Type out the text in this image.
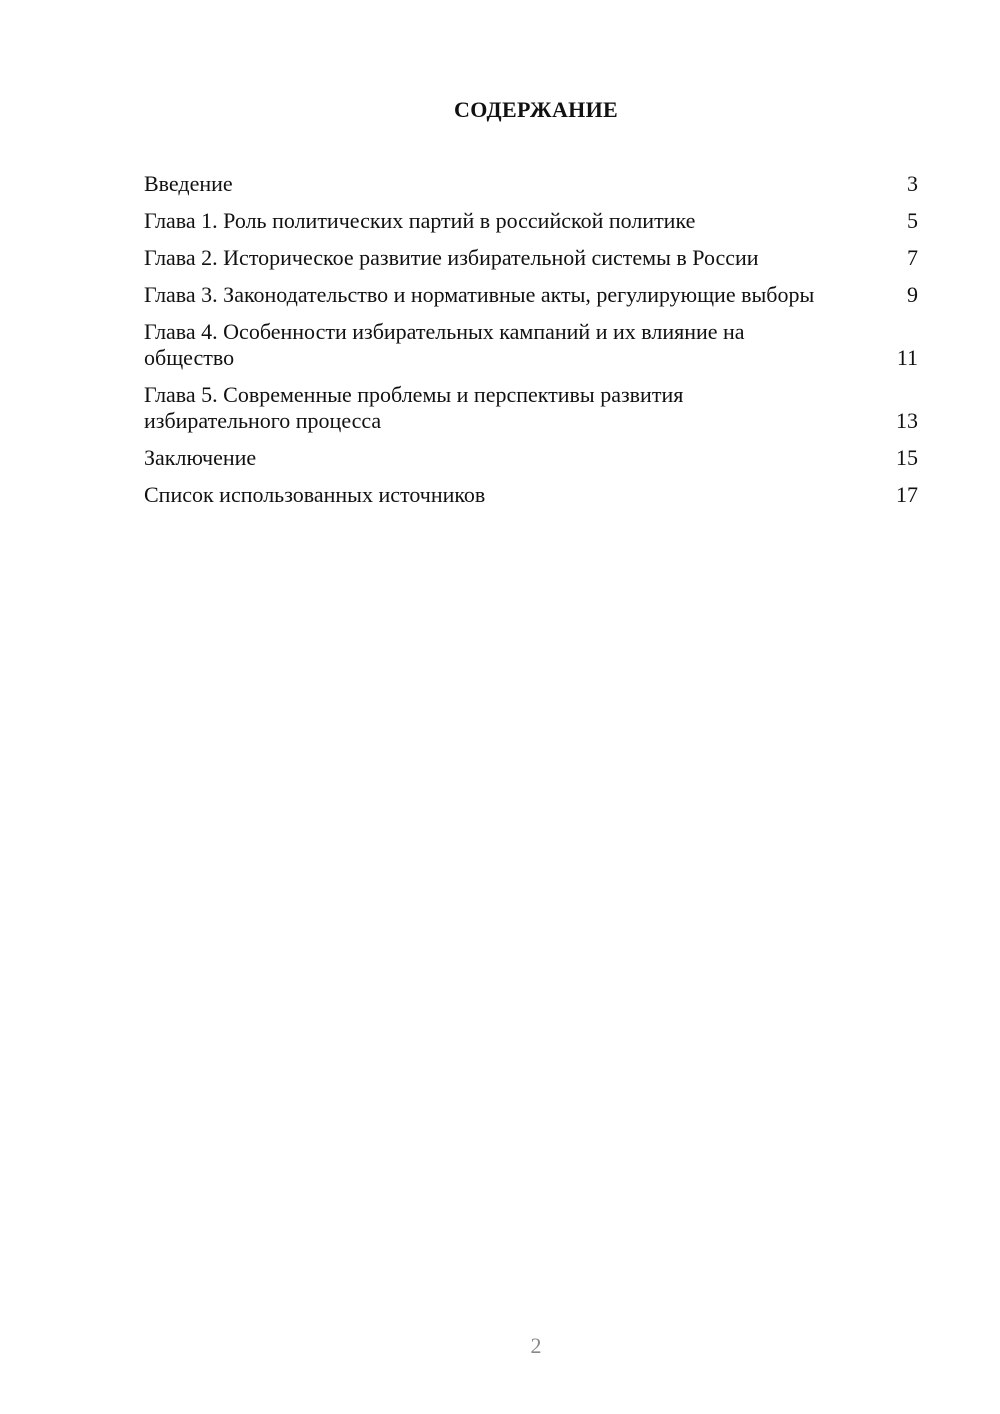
СОДЕРЖАНИЕ
Введение	3
Глава 1. Роль политических партий в российской политике	5
Глава 2. Историческое развитие избирательной системы в России	7
Глава 3. Законодательство и нормативные акты, регулирующие выборы	9
Глава 4. Особенности избирательных кампаний и их влияние на общество	11
Глава 5. Современные проблемы и перспективы развития избирательного процесса	13
Заключение	15
Список использованных источников	17
2
